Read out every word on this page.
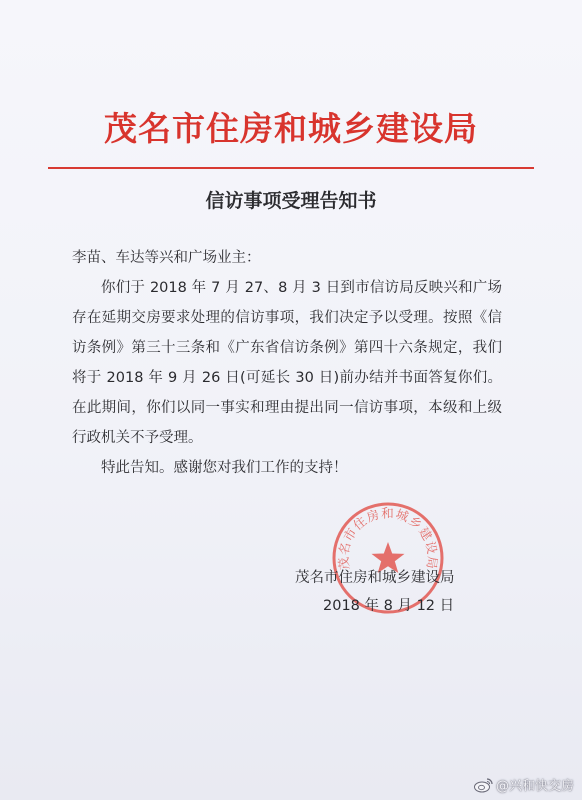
茂名市住房和城乡建设局
信访事项受理告知书

李苗、车达等兴和广场业主：

你们于 2018 年 7 月 27、8 月 3 日到市信访局反映兴和广场存在延期交房要求处理的信访事项，我们决定予以受理。按照《信访条例》第三十三条和《广东省信访条例》第四十六条规定，我们将于 2018 年 9 月 26 日(可延长 30 日)前办结并书面答复你们。在此期间，你们以同一事实和理由提出同一信访事项，本级和上级行政机关不予受理。

特此告知。感谢您对我们工作的支持！

茂名市住房和城乡建设局
茂名市住房和城乡建设局
2018 年 8 月 12 日
@兴和快交房
